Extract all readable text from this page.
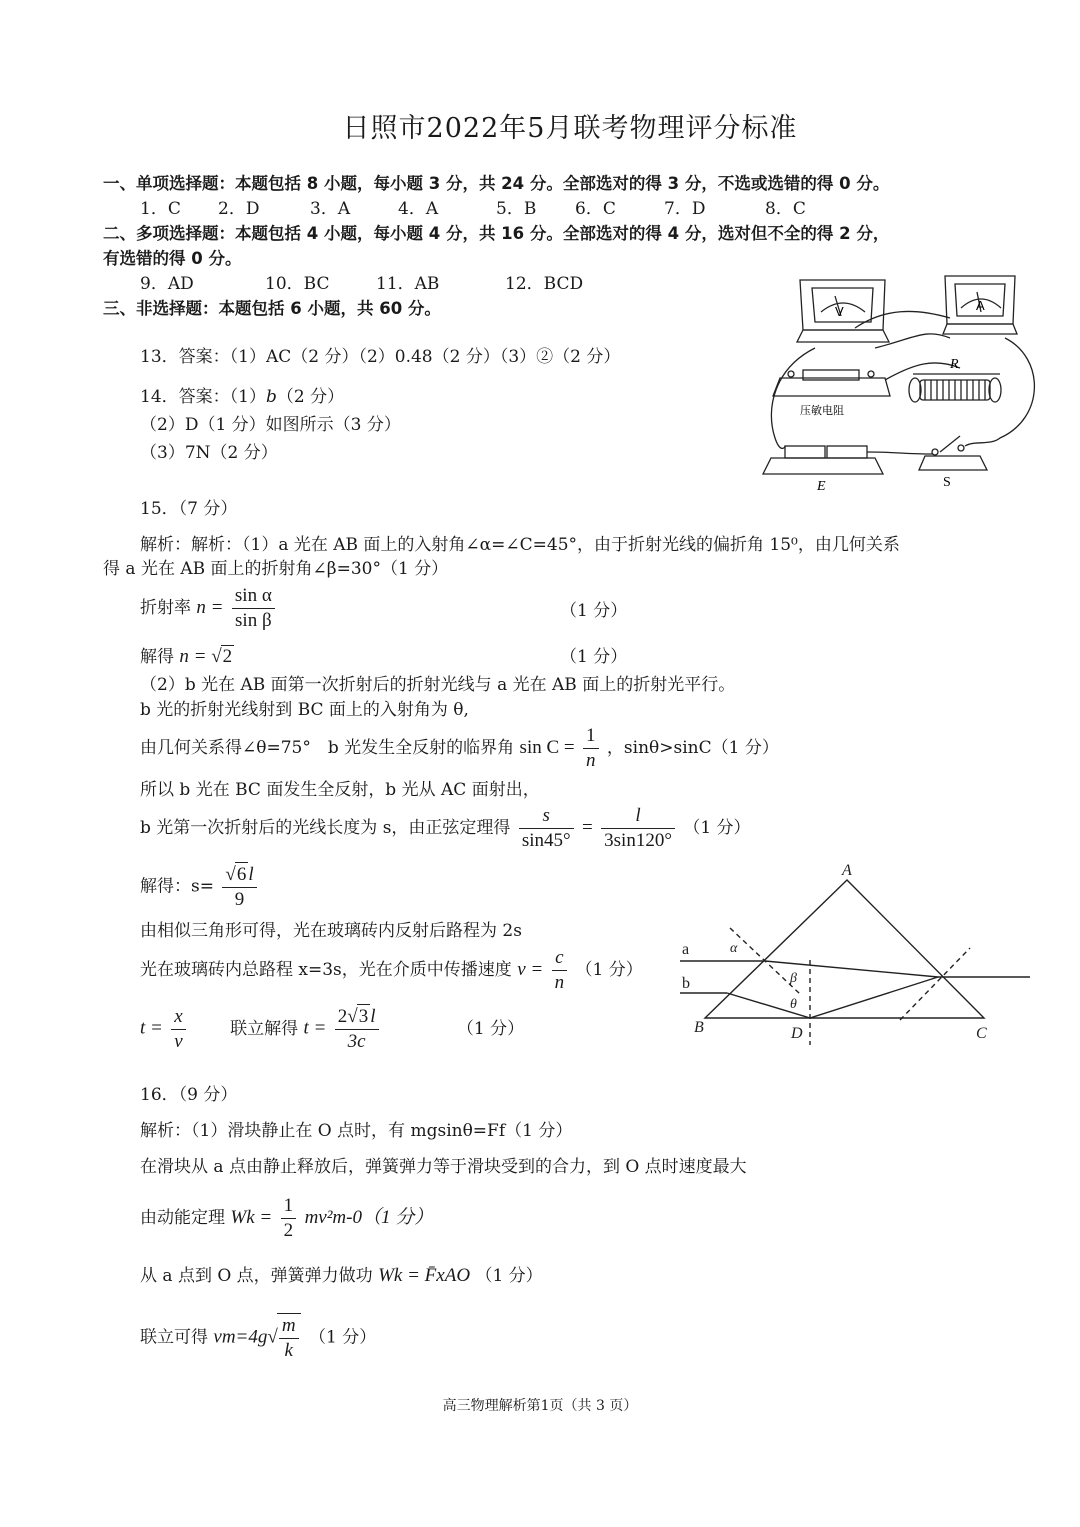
日照市2022年5月联考物理评分标准
一、单项选择题：本题包括 8 小题，每小题 3 分，共 24 分。全部选对的得 3 分，不选或选错的得 0 分。
1．C 2．D	3．A	4．A	5．B 6．C	7．D	8．C
二、多项选择题：本题包括 4 小题，每小题 4 分，共 16 分。全部选对的得 4 分，选对但不全的得 2 分，
有选错的得 0 分。
9．AD	10．BC	11．AB	12．BCD
三、非选择题：本题包括 6 小题，共 60 分。
13．答案：（1）AC（2 分）（2）0.48（2 分）（3）②（2 分）
14．答案：（1）b（2 分）
（2）D（1 分）如图所示（3 分）
（3）7N（2 分）
V	A
R
压敏电阻
E	S
15．（7 分）
解析：解析：（1）a 光在 AB 面上的入射角∠α=∠C=45°，由于折射光线的偏折角 15⁰，由几何关系
得 a 光在 AB 面上的折射角∠β=30°（1 分）
折射率 $n = \frac{\text{sin α}}{\text{sin β}}$	（1 分）
解得 n = √2	（1 分）
（2）b 光在 AB 面第一次折射后的折射光线与 a 光在 AB 面上的折射光平行。
b 光的折射光线射到 BC 面上的入射角为 θ,
由几何关系得∠θ=75°　b 光发生全反射的临界角 $\sin C = \frac{1}{n}$ ，sinθ>sinC（1 分）
所以 b 光在 BC 面发生全反射，b 光从 AC 面射出，
b 光第一次折射后的光线长度为 s，由正弦定理得 $\frac{s}{\sin 45^\circ} = \frac{l}{3\sin 120^\circ} (1$ 分）
解得：$s= \frac{√6 l}{9}$
由相似三角形可得，光在玻璃砖内反射后路程为 2s
光在玻璃砖内总路程 x=3s，光在介质中传播速度 $v = \frac{c}{n} (1$ 分）
$t = \frac{x}{v}$	联立解得 $t = \frac{2√3 l}{3c}$	（1 分）
A
B	C
D
a
b
α
β
θ
16．（9 分）
解析：（1）滑块静止在 O 点时，有 mgsinθ=Ff（1 分）
在滑块从 a 点由静止释放后，弹簧弹力等于滑块受到的合力，到 O 点时速度最大
由动能定理 $Wk = \frac{1}{2} mv^2m-0(1$ 分）
从 a 点到 O 点，弹簧弹力做功 Wk = F̄xAO （1 分）
联立可得 $vm=4g√ \frac{m}{k} (1$ 分）
高三物理解析第1页（共 3 页）
